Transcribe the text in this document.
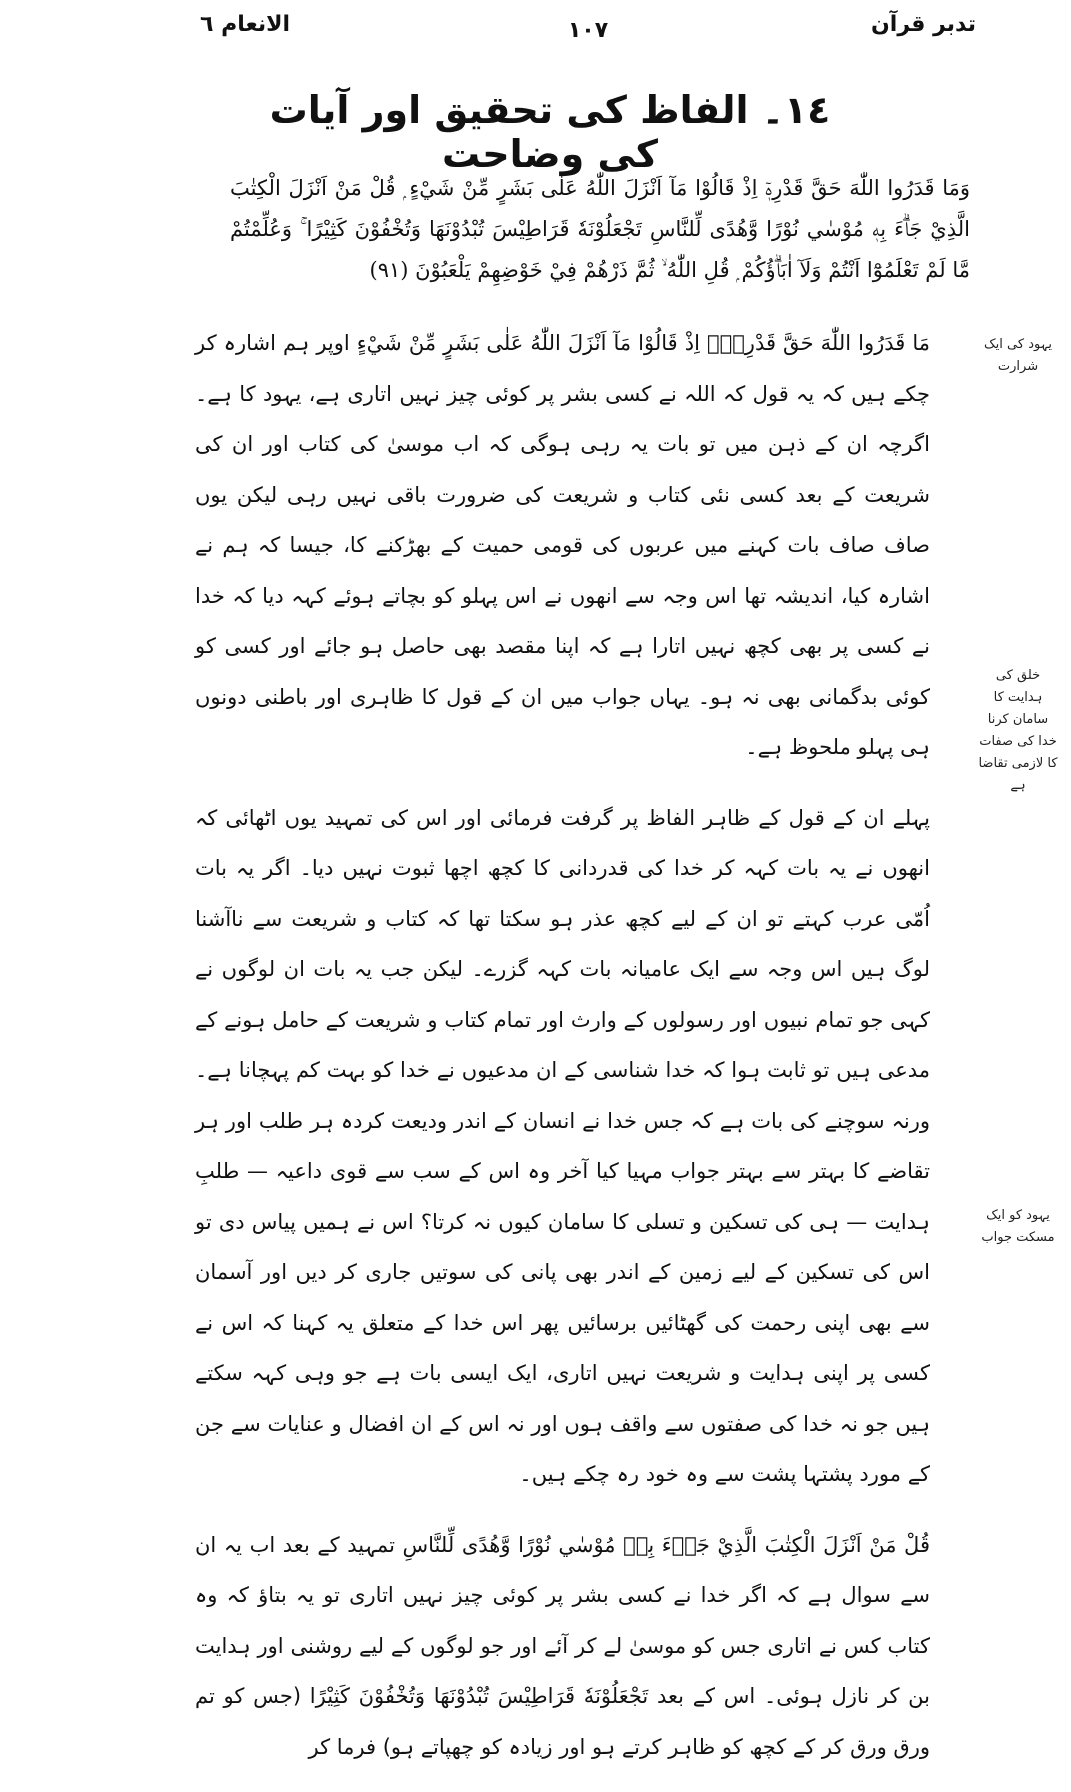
تدبر قرآن
١٠٧
الانعام ٦
١٤۔ الفاظ کی تحقیق اور آیات کی وضاحت
وَمَا قَدَرُوا اللّٰهَ حَقَّ قَدْرِهٖٓ اِذْ قَالُوْا مَآ اَنْزَلَ اللّٰهُ عَلٰى بَشَرٍ مِّنْ شَيْءٍ ۭ قُلْ مَنْ اَنْزَلَ الْكِتٰبَ الَّذِيْ جَاۗءَ بِهٖ مُوْسٰي نُوْرًا وَّهُدًى لِّلنَّاسِ تَجْعَلُوْنَهٗ قَرَاطِيْسَ تُبْدُوْنَهَا وَتُخْفُوْنَ كَثِيْرًا ۚ وَعُلِّمْتُمْ مَّا لَمْ تَعْلَمُوْٓا اَنْتُمْ وَلَآ اٰبَاۗؤُكُمْ ۭ قُلِ اللّٰهُ ۙ ثُمَّ ذَرْهُمْ فِيْ خَوْضِهِمْ يَلْعَبُوْنَ (٩١)

مَا قَدَرُوا اللّٰهَ حَقَّ قَدْرِهٖٓ اِذْ قَالُوْا مَآ اَنْزَلَ اللّٰهُ عَلٰى بَشَرٍ مِّنْ شَيْءٍ اوپر ہم اشارہ کر چکے ہیں کہ یہ قول کہ اللہ نے کسی بشر پر کوئی چیز نہیں اتاری ہے، یہود کا ہے۔ اگرچہ ان کے ذہن میں تو بات یہ رہی ہوگی کہ اب موسیٰ کی کتاب اور ان کی شریعت کے بعد کسی نئی کتاب و شریعت کی ضرورت باقی نہیں رہی لیکن یوں صاف صاف بات کہنے میں عربوں کی قومی حمیت کے بھڑکنے کا، جیسا کہ ہم نے اشارہ کیا، اندیشہ تھا اس وجہ سے انھوں نے اس پہلو کو بچاتے ہوئے کہہ دیا کہ خدا نے کسی پر بھی کچھ نہیں اتارا ہے کہ اپنا مقصد بھی حاصل ہو جائے اور کسی کو کوئی بدگمانی بھی نہ ہو۔ یہاں جواب میں ان کے قول کا ظاہری اور باطنی دونوں ہی پہلو ملحوظ ہے۔

پہلے ان کے قول کے ظاہر الفاظ پر گرفت فرمائی اور اس کی تمہید یوں اٹھائی کہ انھوں نے یہ بات کہہ کر خدا کی قدردانی کا کچھ اچھا ثبوت نہیں دیا۔ اگر یہ بات اُمّی عرب کہتے تو ان کے لیے کچھ عذر ہو سکتا تھا کہ کتاب و شریعت سے ناآشنا لوگ ہیں اس وجہ سے ایک عامیانہ بات کہہ گزرے۔ لیکن جب یہ بات ان لوگوں نے کہی جو تمام نبیوں اور رسولوں کے وارث اور تمام کتاب و شریعت کے حامل ہونے کے مدعی ہیں تو ثابت ہوا کہ خدا شناسی کے ان مدعیوں نے خدا کو بہت کم پہچانا ہے۔ ورنہ سوچنے کی بات ہے کہ جس خدا نے انسان کے اندر ودیعت کردہ ہر طلب اور ہر تقاضے کا بہتر سے بہتر جواب مہیا کیا آخر وہ اس کے سب سے قوی داعیہ — طلبِ ہدایت — ہی کی تسکین و تسلی کا سامان کیوں نہ کرتا؟ اس نے ہمیں پیاس دی تو اس کی تسکین کے لیے زمین کے اندر بھی پانی کی سوتیں جاری کر دیں اور آسمان سے بھی اپنی رحمت کی گھٹائیں برسائیں پھر اس خدا کے متعلق یہ کہنا کہ اس نے کسی پر اپنی ہدایت و شریعت نہیں اتاری، ایک ایسی بات ہے جو وہی کہہ سکتے ہیں جو نہ خدا کی صفتوں سے واقف ہوں اور نہ اس کے ان افضال و عنایات سے جن کے مورد پشتہا پشت سے وہ خود رہ چکے ہیں۔

قُلْ مَنْ اَنْزَلَ الْكِتٰبَ الَّذِيْ جَاۗءَ بِهٖ مُوْسٰي نُوْرًا وَّهُدًى لِّلنَّاسِ تمہید کے بعد اب یہ ان سے سوال ہے کہ اگر خدا نے کسی بشر پر کوئی چیز نہیں اتاری تو یہ بتاؤ کہ وہ کتاب کس نے اتاری جس کو موسیٰ لے کر آئے اور جو لوگوں کے لیے روشنی اور ہدایت بن کر نازل ہوئی۔ اس کے بعد تَجْعَلُوْنَهٗ قَرَاطِيْسَ تُبْدُوْنَهَا وَتُخْفُوْنَ كَثِيْرًا (جس کو تم ورق ورق کر کے کچھ کو ظاہر کرتے ہو اور زیادہ کو چھپاتے ہو) فرما کر

یہود کی ایک شرارت
خلق کی ہدایت کا سامان کرنا خدا کی صفات کا لازمی تقاضا ہے
یہود کو ایک مسکت جواب
